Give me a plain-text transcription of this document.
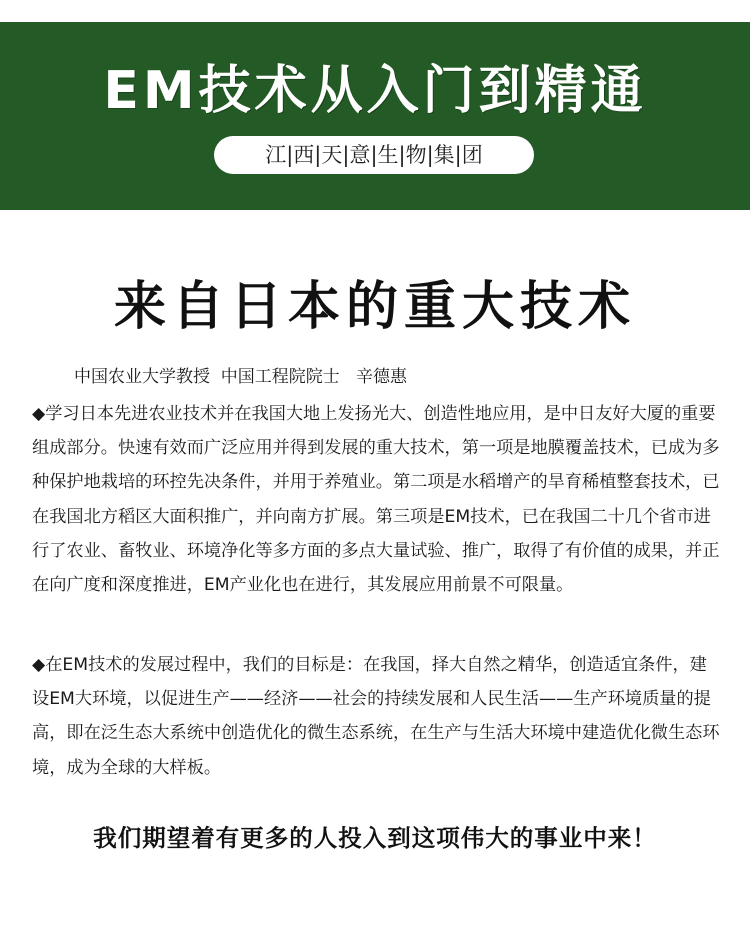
EM技术从入门到精通
江|西|天|意|生|物|集|团
来自日本的重大技术
中国农业大学教授  中国工程院院士   辛德惠

◆学习日本先进农业技术并在我国大地上发扬光大、创造性地应用，是中日友好大厦的重要组成部分。快速有效而广泛应用并得到发展的重大技术，第一项是地膜覆盖技术，已成为多种保护地栽培的环控先决条件，并用于养殖业。第二项是水稻增产的旱育稀植整套技术，已在我国北方稻区大面积推广，并向南方扩展。第三项是EM技术，已在我国二十几个省市进行了农业、畜牧业、环境净化等多方面的多点大量试验、推广，取得了有价值的成果，并正在向广度和深度推进，EM产业化也在进行，其发展应用前景不可限量。

◆在EM技术的发展过程中，我们的目标是：在我国，择大自然之精华，创造适宜条件，建设EM大环境，以促进生产——经济——社会的持续发展和人民生活——生产环境质量的提高，即在泛生态大系统中创造优化的微生态系统，在生产与生活大环境中建造优化微生态环境，成为全球的大样板。

我们期望着有更多的人投入到这项伟大的事业中来！
